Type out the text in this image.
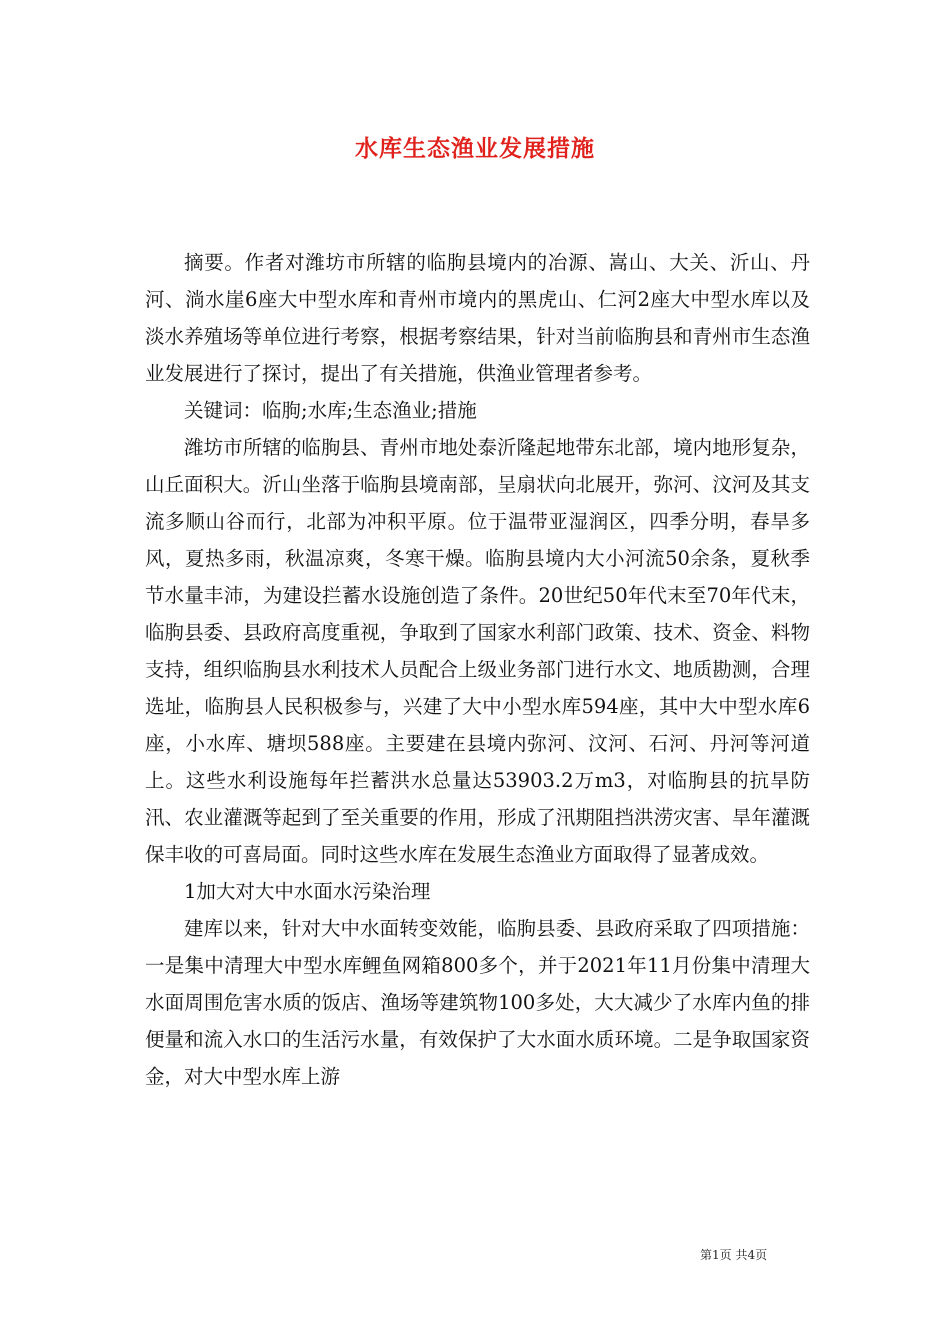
水库生态渔业发展措施

摘要。作者对潍坊市所辖的临朐县境内的冶源、嵩山、大关、沂山、丹河、淌水崖6座大中型水库和青州市境内的黑虎山、仁河2座大中型水库以及淡水养殖场等单位进行考察，根据考察结果，针对当前临朐县和青州市生态渔业发展进行了探讨，提出了有关措施，供渔业管理者参考。

关键词：临朐;水库;生态渔业;措施

潍坊市所辖的临朐县、青州市地处泰沂隆起地带东北部，境内地形复杂，山丘面积大。沂山坐落于临朐县境南部，呈扇状向北展开，弥河、汶河及其支流多顺山谷而行，北部为冲积平原。位于温带亚湿润区，四季分明，春旱多风，夏热多雨，秋温凉爽，冬寒干燥。临朐县境内大小河流50余条，夏秋季节水量丰沛，为建设拦蓄水设施创造了条件。20世纪50年代末至70年代末，临朐县委、县政府高度重视，争取到了国家水利部门政策、技术、资金、料物支持，组织临朐县水利技术人员配合上级业务部门进行水文、地质勘测，合理选址，临朐县人民积极参与，兴建了大中小型水库594座，其中大中型水库6座，小水库、塘坝588座。主要建在县境内弥河、汶河、石河、丹河等河道上。这些水利设施每年拦蓄洪水总量达53903.2万m3，对临朐县的抗旱防汛、农业灌溉等起到了至关重要的作用，形成了汛期阻挡洪涝灾害、旱年灌溉保丰收的可喜局面。同时这些水库在发展生态渔业方面取得了显著成效。

1加大对大中水面水污染治理

建库以来，针对大中水面转变效能，临朐县委、县政府采取了四项措施：一是集中清理大中型水库鲤鱼网箱800多个，并于2021年11月份集中清理大水面周围危害水质的饭店、渔场等建筑物100多处，大大减少了水库内鱼的排便量和流入水口的生活污水量，有效保护了大水面水质环境。二是争取国家资金，对大中型水库上游

第1页 共4页
